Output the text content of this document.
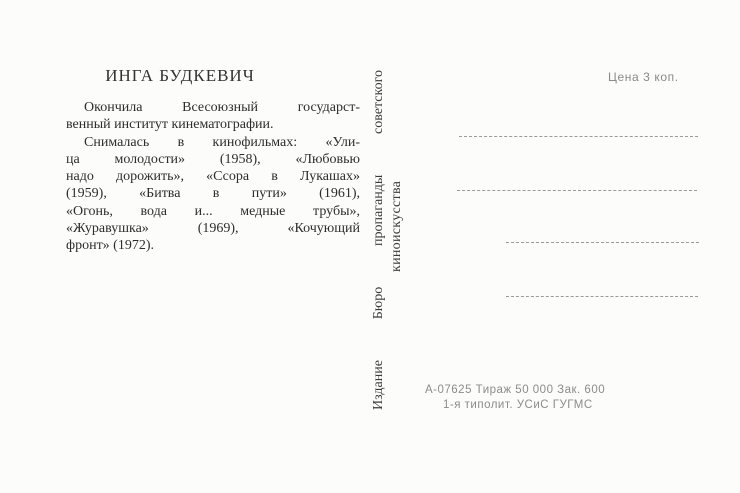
ИНГА БУДКЕВИЧ
Окончила Всесоюзный государст-
венный институт кинематографии.
Снималась в кинофильмах: «Ули-
ца молодости» (1958), «Любовью
надо дорожить», «Ссора в Лукашах»
(1959), «Битва в пути» (1961),
«Огонь, вода и... медные трубы»,
«Журавушка» (1969), «Кочующий
фронт» (1972).	Издание Бюро пропаганды советского киноискусства
Цена 3 коп.
А-07625 Тираж 50 000 Зак. 600
1-я типолит. УСиС ГУГМС
